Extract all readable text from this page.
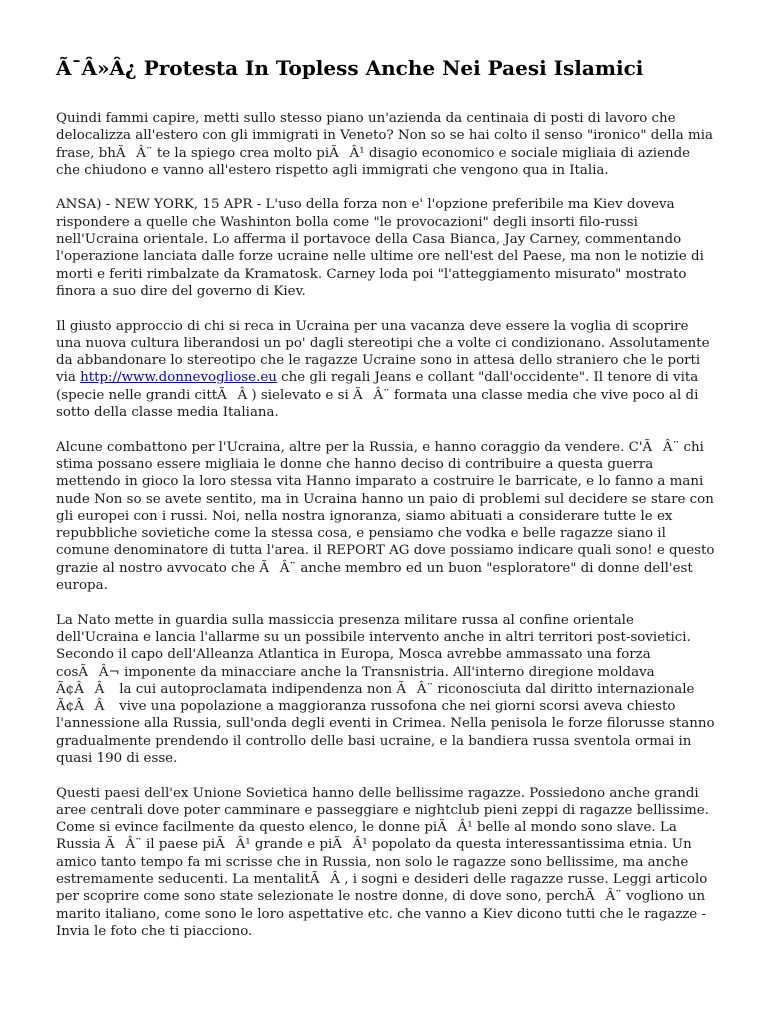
Ã¯Â»Â¿ Protesta In Topless Anche Nei Paesi Islamici

Quindi fammi capire, metti sullo stesso piano un'azienda da centinaia di posti di lavoro che delocalizza all'estero con gli immigrati in Veneto? Non so se hai colto il senso "ironico" della mia frase, bhÃÂ¨ te la spiego crea molto piÃÂ¹ disagio economico e sociale migliaia di aziende che chiudono e vanno all'estero rispetto agli immigrati che vengono qua in Italia.

ANSA) - NEW YORK, 15 APR - L'uso della forza non e' l'opzione preferibile ma Kiev doveva rispondere a quelle che Washinton bolla come "le provocazioni" degli insorti filo-russi nell'Ucraina orientale. Lo afferma il portavoce della Casa Bianca, Jay Carney, commentando l'operazione lanciata dalle forze ucraine nelle ultime ore nell'est del Paese, ma non le notizie di morti e feriti rimbalzate da Kramatosk. Carney loda poi "l'atteggiamento misurato" mostrato finora a suo dire del governo di Kiev.

Il giusto approccio di chi si reca in Ucraina per una vacanza deve essere la voglia di scoprire una nuova cultura liberandosi un po' dagli stereotipi che a volte ci condizionano. Assolutamente da abbandonare lo stereotipo che le ragazze Ucraine sono in attesa dello straniero che le porti via http://www.donnevogliose.eu che gli regali Jeans e collant "dall'occidente". Il tenore di vita (specie nelle grandi cittÃÂ ) sielevato e si ÃÂ¨ formata una classe media che vive poco al di sotto della classe media Italiana.

Alcune combattono per l'Ucraina, altre per la Russia, e hanno coraggio da vendere. C'ÃÂ¨ chi stima possano essere migliaia le donne che hanno deciso di contribuire a questa guerra mettendo in gioco la loro stessa vita Hanno imparato a costruire le barricate, e lo fanno a mani nude Non so se avete sentito, ma in Ucraina hanno un paio di problemi sul decidere se stare con gli europei con i russi. Noi, nella nostra ignoranza, siamo abituati a considerare tutte le ex repubbliche sovietiche come la stessa cosa, e pensiamo che vodka e belle ragazze siano il comune denominatore di tutta l'area. il REPORT AG dove possiamo indicare quali sono! e questo grazie al nostro avvocato che ÃÂ¨ anche membro ed un buon "esploratore" di donne dell'est europa.

La Nato mette in guardia sulla massiccia presenza militare russa al confine orientale dell'Ucraina e lancia l'allarme su un possibile intervento anche in altri territori post-sovietici. Secondo il capo dell'Alleanza Atlantica in Europa, Mosca avrebbe ammassato una forza cosÃÂ¬ imponente da minacciare anche la Transnistria. All'interno diregione moldava Ã¢ÂÂ la cui autoproclamata indipendenza non ÃÂ¨ riconosciuta dal diritto internazionale Ã¢ÂÂ vive una popolazione a maggioranza russofona che nei giorni scorsi aveva chiesto l'annessione alla Russia, sull'onda degli eventi in Crimea. Nella penisola le forze filorusse stanno gradualmente prendendo il controllo delle basi ucraine, e la bandiera russa sventola ormai in quasi 190 di esse.

Questi paesi dell'ex Unione Sovietica hanno delle bellissime ragazze. Possiedono anche grandi aree centrali dove poter camminare e passeggiare e nightclub pieni zeppi di ragazze bellissime. Come si evince facilmente da questo elenco, le donne piÃÂ¹ belle al mondo sono slave. La Russia ÃÂ¨ il paese piÃÂ¹ grande e piÃÂ¹ popolato da questa interessantissima etnia. Un amico tanto tempo fa mi scrisse che in Russia, non solo le ragazze sono bellissime, ma anche estremamente seducenti. La mentalitÃÂ , i sogni e desideri delle ragazze russe. Leggi articolo per scoprire come sono state selezionate le nostre donne, di dove sono, perchÃÂ¨ vogliono un marito italiano, come sono le loro aspettative etc. che vanno a Kiev dicono tutti che le ragazze - Invia le foto che ti piacciono.
